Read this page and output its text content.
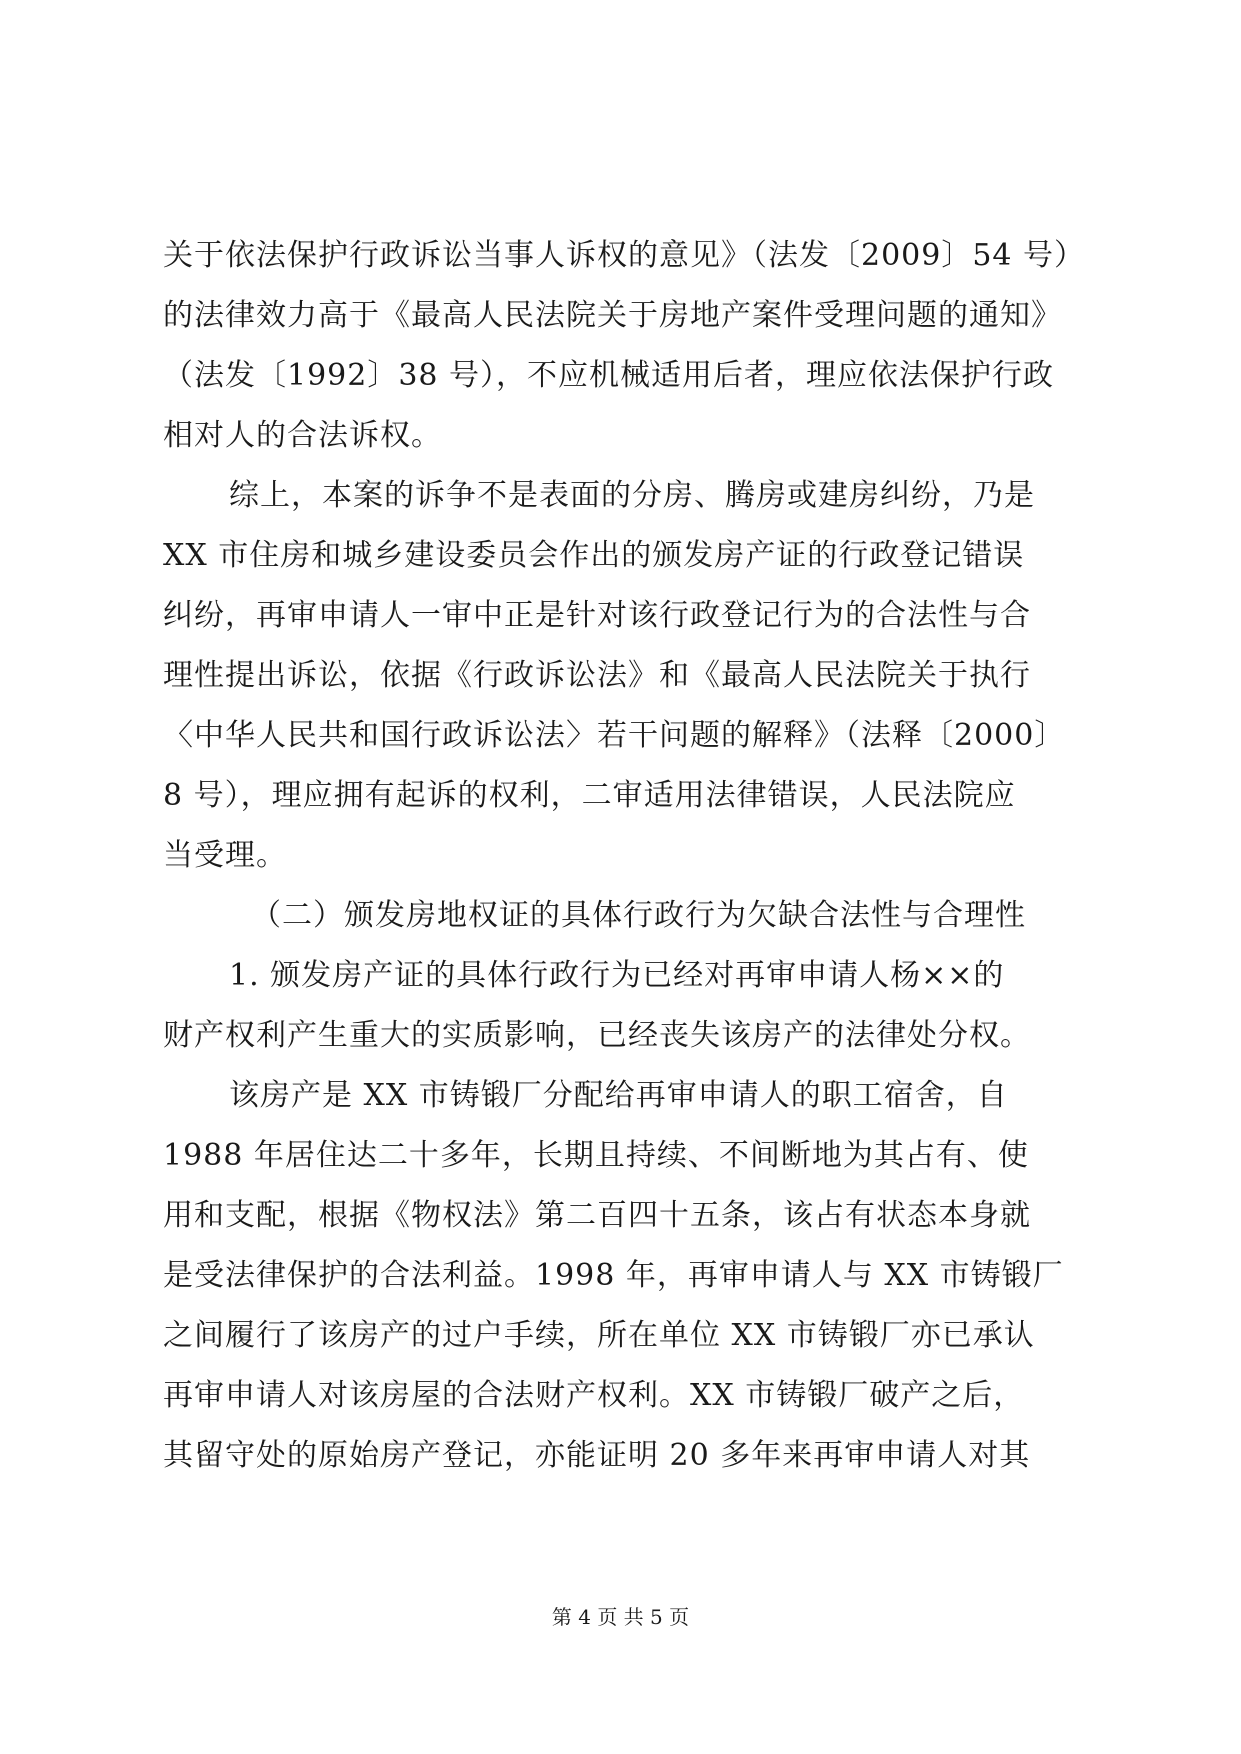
关于依法保护行政诉讼当事人诉权的意见》（法发〔2009〕54 号）
的法律效力高于《最高人民法院关于房地产案件受理问题的通知》
（法发〔1992〕38 号），不应机械适用后者，理应依法保护行政
相对人的合法诉权。
综上，本案的诉争不是表面的分房、腾房或建房纠纷，乃是
XX 市住房和城乡建设委员会作出的颁发房产证的行政登记错误
纠纷，再审申请人一审中正是针对该行政登记行为的合法性与合
理性提出诉讼，依据《行政诉讼法》和《最高人民法院关于执行
〈中华人民共和国行政诉讼法〉若干问题的解释》（法释〔2000〕
8 号），理应拥有起诉的权利，二审适用法律错误，人民法院应
当受理。
（二）颁发房地权证的具体行政行为欠缺合法性与合理性
1. 颁发房产证的具体行政行为已经对再审申请人杨××的
财产权利产生重大的实质影响，已经丧失该房产的法律处分权。
该房产是 XX 市铸锻厂分配给再审申请人的职工宿舍，自
1988 年居住达二十多年，长期且持续、不间断地为其占有、使
用和支配，根据《物权法》第二百四十五条，该占有状态本身就
是受法律保护的合法利益。1998 年，再审申请人与 XX 市铸锻厂
之间履行了该房产的过户手续，所在单位 XX 市铸锻厂亦已承认
再审申请人对该房屋的合法财产权利。XX 市铸锻厂破产之后，
其留守处的原始房产登记，亦能证明 20 多年来再审申请人对其
第 4 页 共 5 页
